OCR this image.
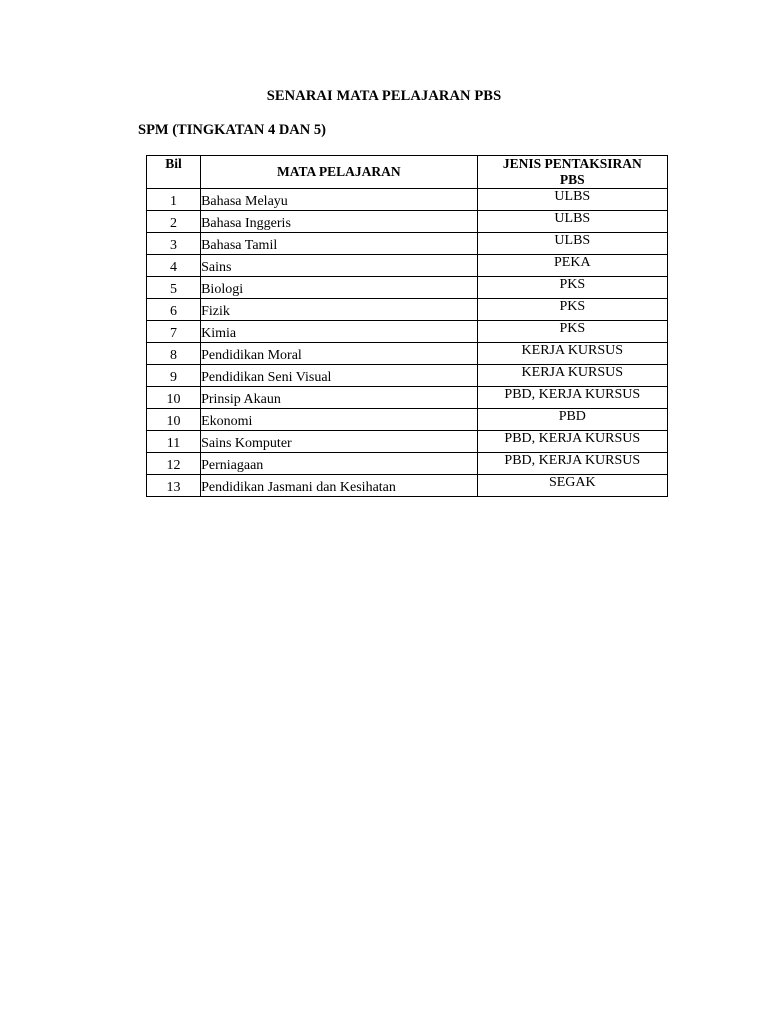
SENARAI MATA PELAJARAN PBS
SPM (TINGKATAN 4 DAN 5)
Bil	MATA PELAJARAN	JENIS PENTAKSIRAN
PBS
1	Bahasa Melayu	ULBS
2	Bahasa Inggeris	ULBS
3	Bahasa Tamil	ULBS
4	Sains	PEKA
5	Biologi	PKS
6	Fizik	PKS
7	Kimia	PKS
8	Pendidikan Moral	KERJA KURSUS
9	Pendidikan Seni Visual	KERJA KURSUS
10	Prinsip Akaun	PBD, KERJA KURSUS
10	Ekonomi	PBD
11	Sains Komputer	PBD, KERJA KURSUS
12	Perniagaan	PBD, KERJA KURSUS
13	Pendidikan Jasmani dan Kesihatan	SEGAK
